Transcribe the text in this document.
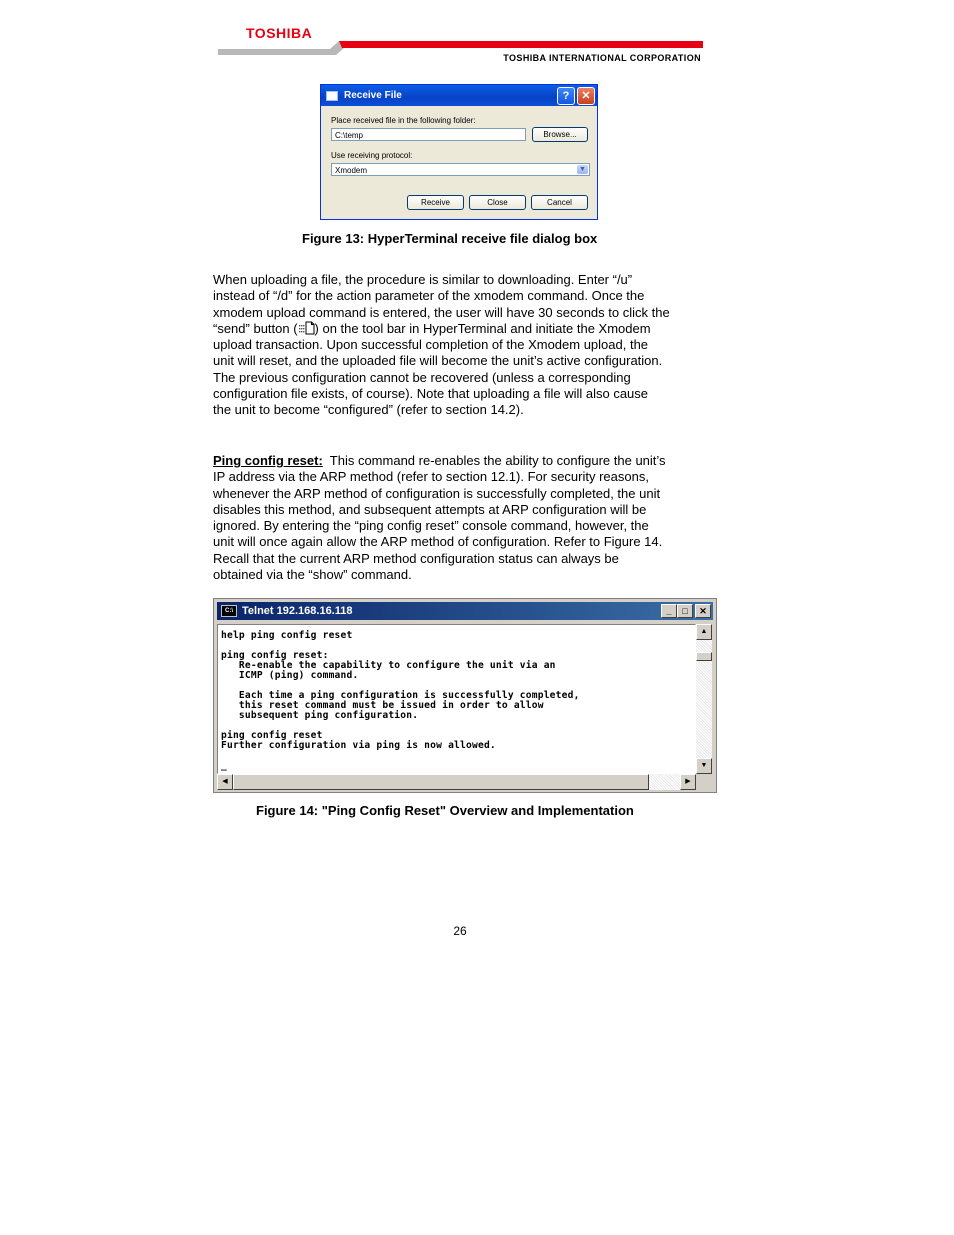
TOSHIBA
TOSHIBA INTERNATIONAL CORPORATION
Receive File	?	✕
Place received file in the following folder:
C:\temp	Browse...
Use receiving protocol:
Xmodem	▼
Receive	Close	Cancel
Figure 13: HyperTerminal receive file dialog box
When uploading a file, the procedure is similar to downloading. Enter “/u”
instead of “/d” for the action parameter of the xmodem command. Once the
xmodem upload command is entered, the user will have 30 seconds to click the
“send” button ( ) on the tool bar in HyperTerminal and initiate the Xmodem
upload transaction. Upon successful completion of the Xmodem upload, the
unit will reset, and the uploaded file will become the unit’s active configuration.
The previous configuration cannot be recovered (unless a corresponding
configuration file exists, of course). Note that uploading a file will also cause
the unit to become “configured” (refer to section 14.2).
Ping config reset:  This command re-enables the ability to configure the unit’s
IP address via the ARP method (refer to section 12.1). For security reasons,
whenever the ARP method of configuration is successfully completed, the unit
disables this method, and subsequent attempts at ARP configuration will be
ignored. By entering the “ping config reset” console command, however, the
unit will once again allow the ARP method of configuration. Refer to Figure 14.
Recall that the current ARP method configuration status can always be
obtained via the “show” command.
C:\ Telnet 192.168.16.118	_	□	✕
help ping config reset

ping config reset:
Re-enable the capability to configure the unit via an
ICMP (ping) command.

Each time a ping configuration is successfully completed,
this reset command must be issued in order to allow
subsequent ping configuration.

ping config reset
Further configuration via ping is now allowed.

_
▲
▼
◀	▶
Figure 14: "Ping Config Reset" Overview and Implementation
26
